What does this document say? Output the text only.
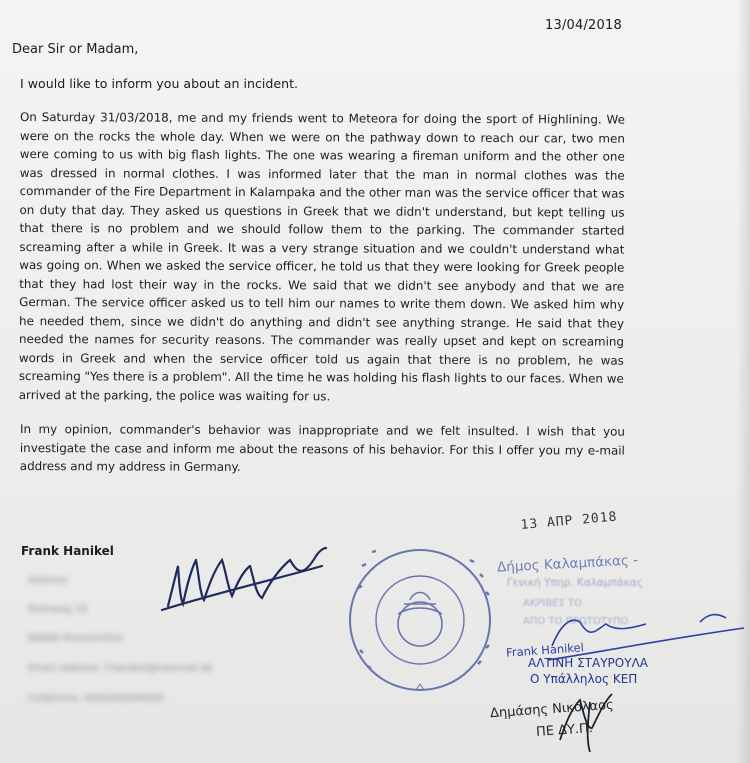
13/04/2018
Dear Sir or Madam,
I would like to inform you about an incident.
On Saturday 31/03/2018, me and my friends went to Meteora for doing the sport of Highlining. We were on the rocks the whole day. When we were on the pathway down to reach our car, two men were coming to us with big flash lights. The one was wearing a fireman uniform and the other one was dressed in normal clothes. I was informed later that the man in normal clothes was the commander of the Fire Department in Kalampaka and the other man was the service officer that was on duty that day. They asked us questions in Greek that we didn't understand, but kept telling us that there is no problem and we should follow them to the parking. The commander started screaming after a while in Greek. It was a very strange situation and we couldn't understand what was going on. When we asked the service officer, he told us that they were looking for Greek people that they had lost their way in the rocks. We said that we didn't see anybody and that we are German. The service officer asked us to tell him our names to write them down. We asked him why he needed them, since we didn't do anything and didn't see anything strange. He said that they needed the names for security reasons. The commander was really upset and kept on screaming words in Greek and when the service officer told us again that there is no problem, he was screaming "Yes there is a problem". All the time he was holding his flash lights to our faces. When we arrived at the parking, the police was waiting for us.
In my opinion, commander's behavior was inappropriate and we felt insulted. I wish that you investigate the case and inform me about the reasons of his behavior. For this I offer you my e-mail address and my address in Germany.
Frank Hanikel
Address
Rothweg 10
88888 Muesterfeld
Email address: f.hanikel@hanmail.de
Cellphone: 0000/00000000
13 АПР 2018
Δήμος Καλαμπάκας -
Γενική Υπηρ. Καλαμπάκας
ΑΚΡΙΒΕΣ ΤΟ
ΑΠΟ ΤΟ ΠΡΩΤΟΤΥΠΟ
Frank Hanikel
ΑΛΤΙΝΗ ΣΤΑΥΡΟΥΛΑ
Ο Υπάλληλος ΚΕΠ
Δημάσης Νικόλαος
ΠΕ ΔΥ.Π.
